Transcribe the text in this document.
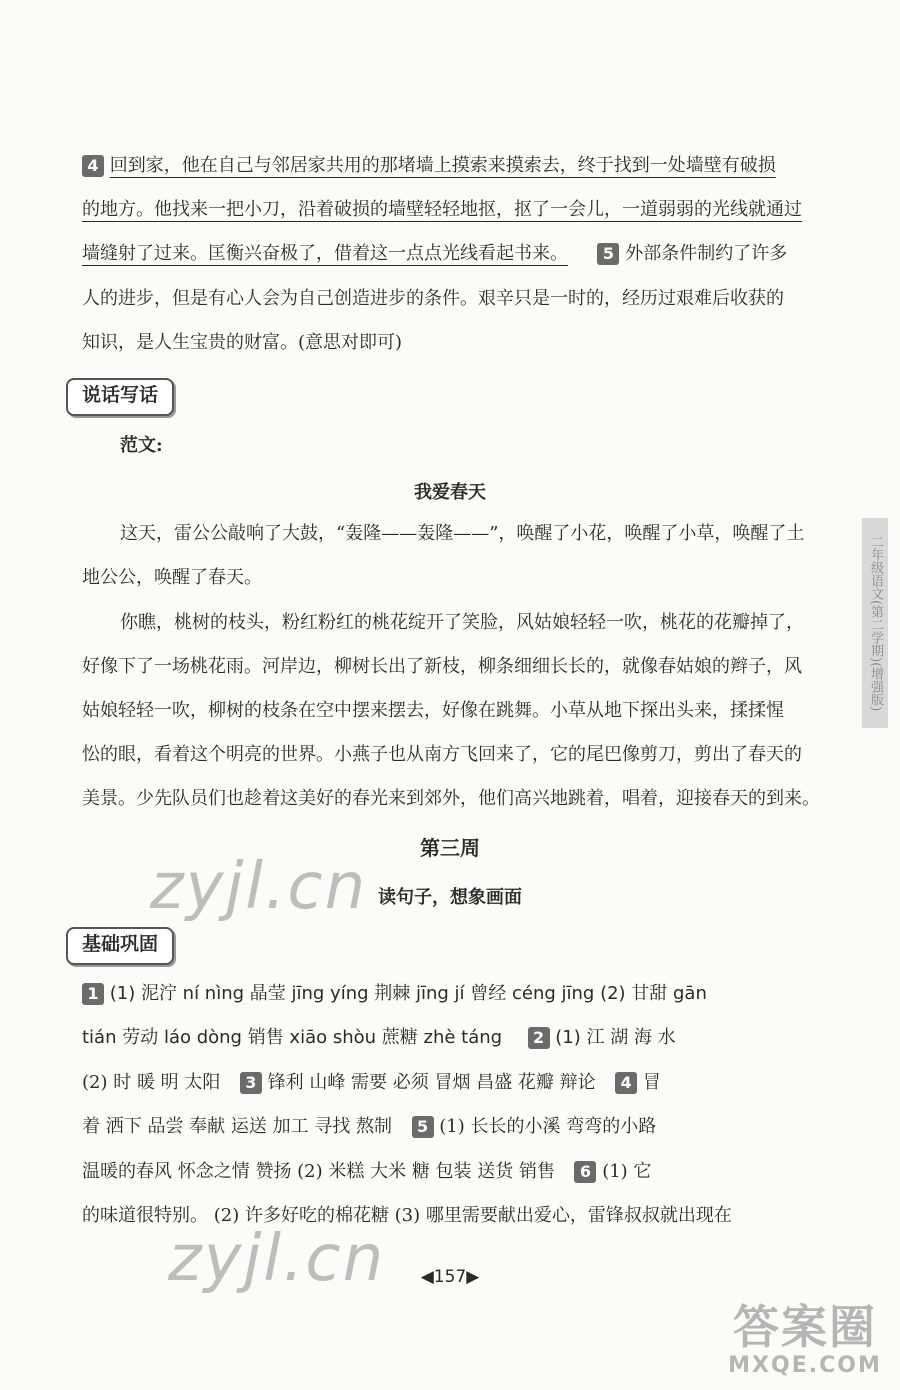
4 回到家，他在自己与邻居家共用的那堵墙上摸索来摸索去，终于找到一处墙壁有破损
的地方。他找来一把小刀，沿着破损的墙壁轻轻地抠，抠了一会儿，一道弱弱的光线就通过
墙缝射了过来。匡衡兴奋极了，借着这一点点光线看起书来。 5 外部条件制约了许多
人的进步，但是有心人会为自己创造进步的条件。艰辛只是一时的，经历过艰难后收获的
知识，是人生宝贵的财富。(意思对即可)
说话写话
范文:
我爱春天
这天，雷公公敲响了大鼓，“轰隆——轰隆——”，唤醒了小花，唤醒了小草，唤醒了土
地公公，唤醒了春天。
你瞧，桃树的枝头，粉红粉红的桃花绽开了笑脸，风姑娘轻轻一吹，桃花的花瓣掉了，
好像下了一场桃花雨。河岸边，柳树长出了新枝，柳条细细长长的，就像春姑娘的辫子，风
姑娘轻轻一吹，柳树的枝条在空中摆来摆去，好像在跳舞。小草从地下探出头来，揉揉惺
忪的眼，看着这个明亮的世界。小燕子也从南方飞回来了，它的尾巴像剪刀，剪出了春天的
美景。少先队员们也趁着这美好的春光来到郊外，他们高兴地跳着，唱着，迎接春天的到来。
第三周
读句子，想象画面
基础巩固
1 (1) 泥泞 ní nìng 晶莹 jīng yíng 荆棘 jīng jí 曾经 céng jīng (2) 甘甜 gān
tián 劳动 láo dòng 销售 xiāo shòu 蔗糖 zhè táng 2 (1) 江 湖 海 水
(2) 时 暖 明 太阳 3 锋利 山峰 需要 必须 冒烟 昌盛 花瓣 辩论 4 冒
着 洒下 品尝 奉献 运送 加工 寻找 熬制 5 (1) 长长的小溪 弯弯的小路
温暖的春风 怀念之情 赞扬 (2) 米糕 大米 糖 包装 送货 销售 6 (1) 它
的味道很特别。 (2) 许多好吃的棉花糖 (3) 哪里需要献出爱心，雷锋叔叔就出现在
二年级语文(第二学期)(增强版)
zyjl.cn
zyjl.cn	◀157▶
答案圈
MXQE.COM
